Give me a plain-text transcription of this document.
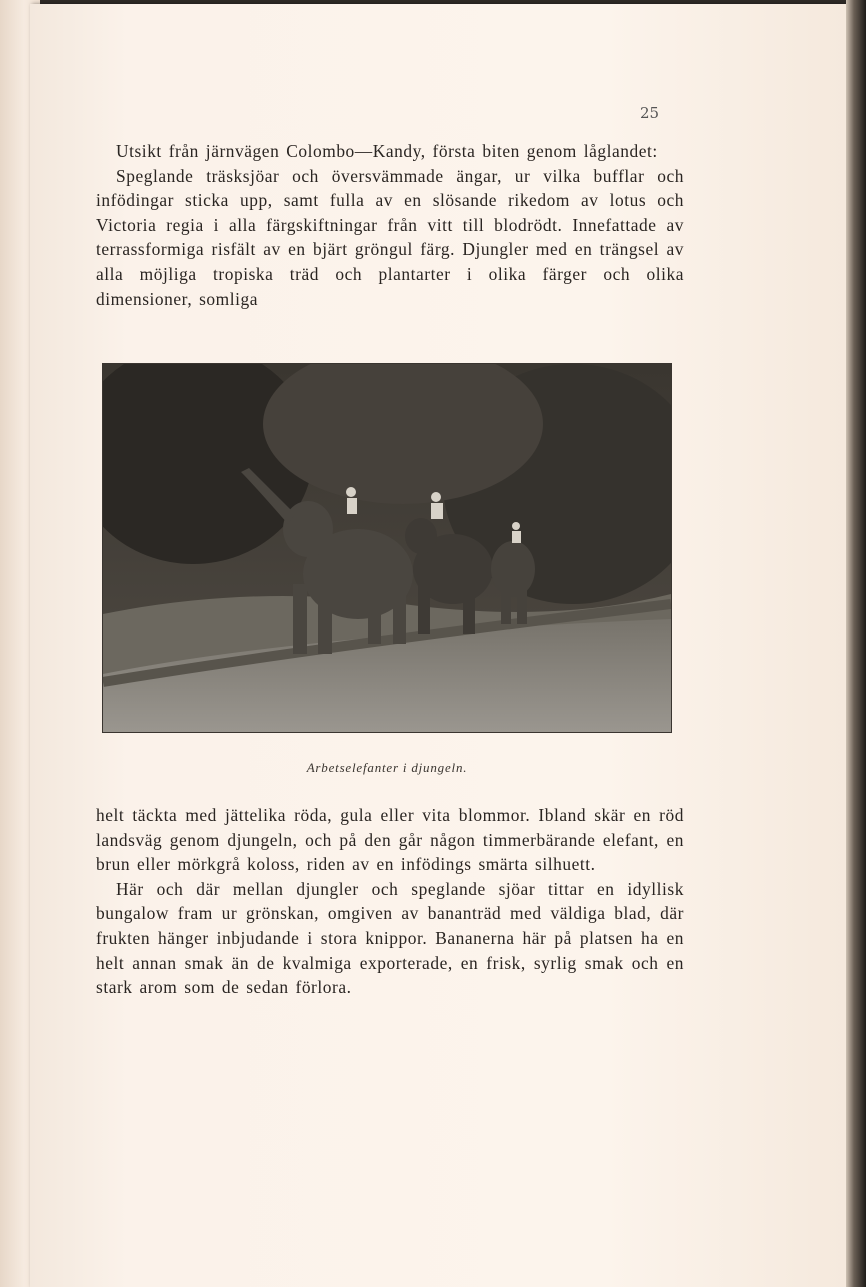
25

Utsikt från järnvägen Colombo—Kandy, första biten genom låglandet:

Speglande träsksjöar och översvämmade ängar, ur vilka bufflar och infödingar sticka upp, samt fulla av en slösande rikedom av lotus och Victoria regia i alla färgskiftningar från vitt till blodrödt. Innefattade av terrassformiga risfält av en bjärt gröngul färg. Djungler med en trängsel av alla möjliga tropiska träd och plantarter i olika färger och olika dimensioner, somliga

Arbetselefanter i djungeln.

helt täckta med jättelika röda, gula eller vita blommor. Ibland skär en röd landsväg genom djungeln, och på den går någon timmerbärande elefant, en brun eller mörkgrå koloss, riden av en infödings smärta silhuett.

Här och där mellan djungler och speglande sjöar tittar en idyllisk bungalow fram ur grönskan, omgiven av bananträd med väldiga blad, där frukten hänger inbjudande i stora knippor. Bananerna här på platsen ha en helt annan smak än de kvalmiga exporterade, en frisk, syrlig smak och en stark arom som de sedan förlora.
